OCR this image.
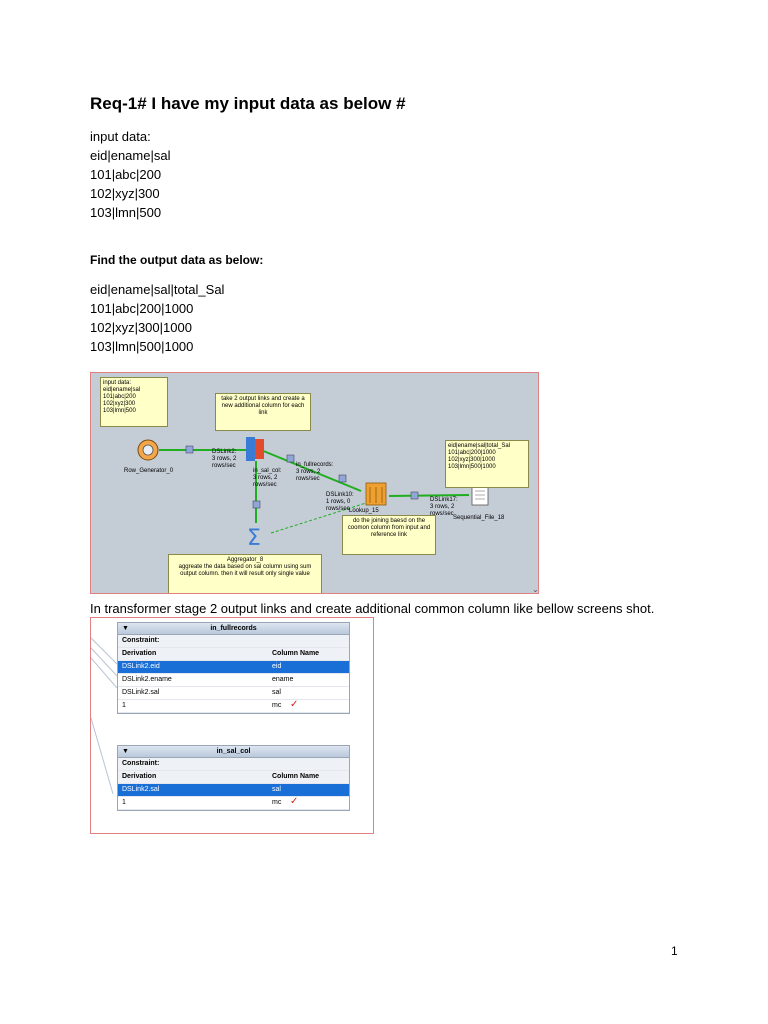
Req-1# I have my input data as below #
input data:
eid|ename|sal
101|abc|200
102|xyz|300
103|lmn|500
Find the output data as below:
eid|ename|sal|total_Sal
101|abc|200|1000
102|xyz|300|1000
103|lmn|500|1000
Σ
⌄
input data:
eid|ename|sal
101|abc|200
102|xyz|300
103|lmn|500
take 2 output links and create a new additional column for each link
eid|ename|sal|total_Sal
101|abc|200|1000
102|xyz|300|1000
103|lmn|500|1000
do the joining baesd on the coomon column from input and reference link
Aggregator_8
aggreate the data based on sal column using sum output column. then it will result only single value
Row_Generator_0
Lookup_15
Sequential_File_18
DSLink2:
3 rows, 2
rows/sec
in_sal_col:
3 rows, 2
rows/sec
in_fullrecords:
3 rows, 2
rows/sec
DSLink10:
1 rows, 0
rows/sec
DSLink17:
3 rows, 2
rows/sec
In transformer stage 2 output links and create additional common column like bellow screens shot.
▼	in_fullrecords
Constraint:
Derivation	Column Name
DSLink2.eid	eid
DSLink2.ename	ename
DSLink2.sal	sal
1	mc ✓
▼	in_sal_col
Constraint:
Derivation	Column Name
DSLink2.sal	sal
1	mc ✓
1
